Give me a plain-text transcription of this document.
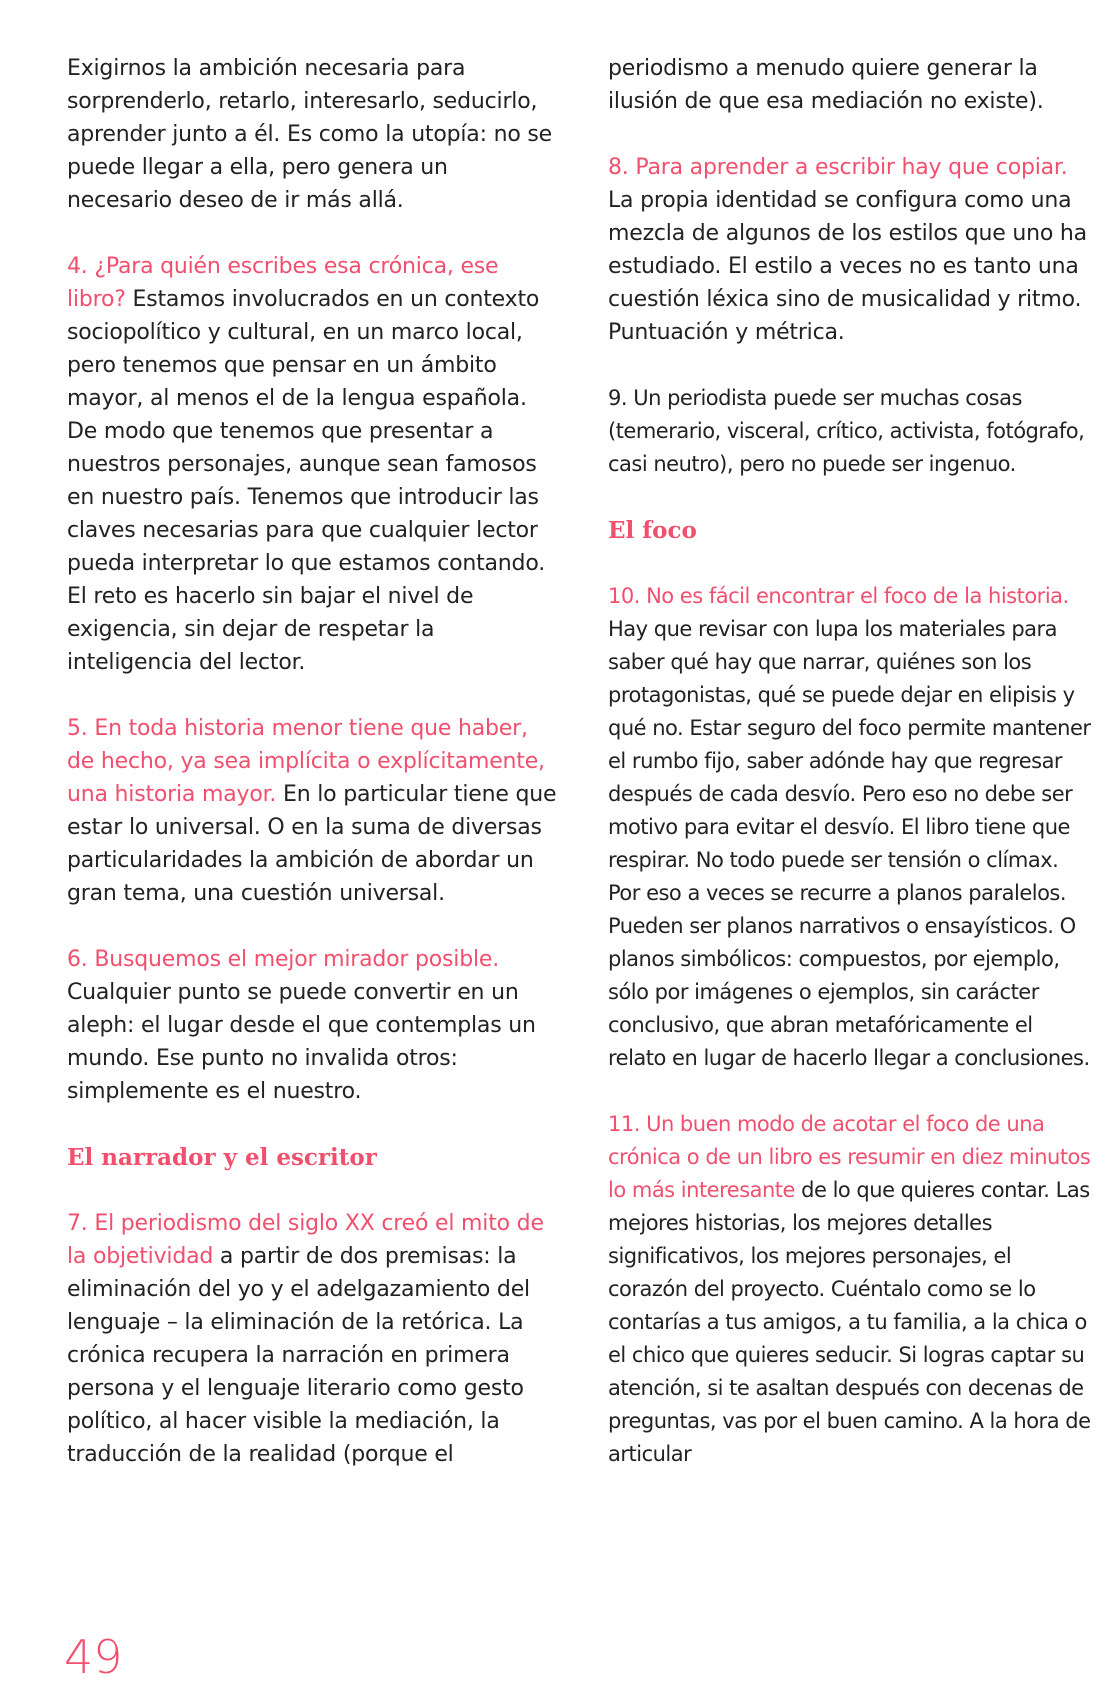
Exigirnos la ambición necesaria para sorprenderlo, retarlo, interesarlo, seducirlo, aprender junto a él. Es como la utopía: no se puede llegar a ella, pero genera un necesario deseo de ir más allá.

4. ¿Para quién escribes esa crónica, ese libro? Estamos involucrados en un contexto sociopolítico y cultural, en un marco local, pero tenemos que pensar en un ámbito mayor, al menos el de la lengua española. De modo que tenemos que presentar a nuestros personajes, aunque sean famosos en nuestro país. Tenemos que introducir las claves necesarias para que cualquier lector pueda interpretar lo que estamos contando. El reto es hacerlo sin bajar el nivel de exigencia, sin dejar de respetar la inteligencia del lector.

5. En toda historia menor tiene que haber, de hecho, ya sea implícita o explícitamente, una historia mayor. En lo particular tiene que estar lo universal. O en la suma de diversas particularidades la ambición de abordar un gran tema, una cuestión universal.

6. Busquemos el mejor mirador posible. Cualquier punto se puede convertir en un aleph: el lugar desde el que contemplas un mundo. Ese punto no invalida otros: simplemente es el nuestro.

El narrador y el escritor

7. El periodismo del siglo XX creó el mito de la objetividad a partir de dos premisas: la eliminación del yo y el adelgazamiento del lenguaje – la eliminación de la retórica. La crónica recupera la narración en primera persona y el lenguaje literario como gesto político, al hacer visible la mediación, la traducción de la realidad (porque el

periodismo a menudo quiere generar la ilusión de que esa mediación no existe).

8. Para aprender a escribir hay que copiar. La propia identidad se configura como una mezcla de algunos de los estilos que uno ha estudiado. El estilo a veces no es tanto una cuestión léxica sino de musicalidad y ritmo. Puntuación y métrica.

9. Un periodista puede ser muchas cosas (temerario, visceral, crítico, activista, fotógrafo, casi neutro), pero no puede ser ingenuo.

El foco

10. No es fácil encontrar el foco de la historia. Hay que revisar con lupa los materiales para saber qué hay que narrar, quiénes son los protagonistas, qué se puede dejar en elipisis y qué no. Estar seguro del foco permite mantener el rumbo fijo, saber adónde hay que regresar después de cada desvío. Pero eso no debe ser motivo para evitar el desvío. El libro tiene que respirar. No todo puede ser tensión o clímax. Por eso a veces se recurre a planos paralelos. Pueden ser planos narrativos o ensayísticos. O planos simbólicos: compuestos, por ejemplo, sólo por imágenes o ejemplos, sin carácter conclusivo, que abran metafóricamente el relato en lugar de hacerlo llegar a conclusiones.

11. Un buen modo de acotar el foco de una crónica o de un libro es resumir en diez minutos lo más interesante de lo que quieres contar. Las mejores historias, los mejores detalles significativos, los mejores personajes, el corazón del proyecto. Cuéntalo como se lo contarías a tus amigos, a tu familia, a la chica o el chico que quieres seducir. Si logras captar su atención, si te asaltan después con decenas de preguntas, vas por el buen camino. A la hora de articular

49
